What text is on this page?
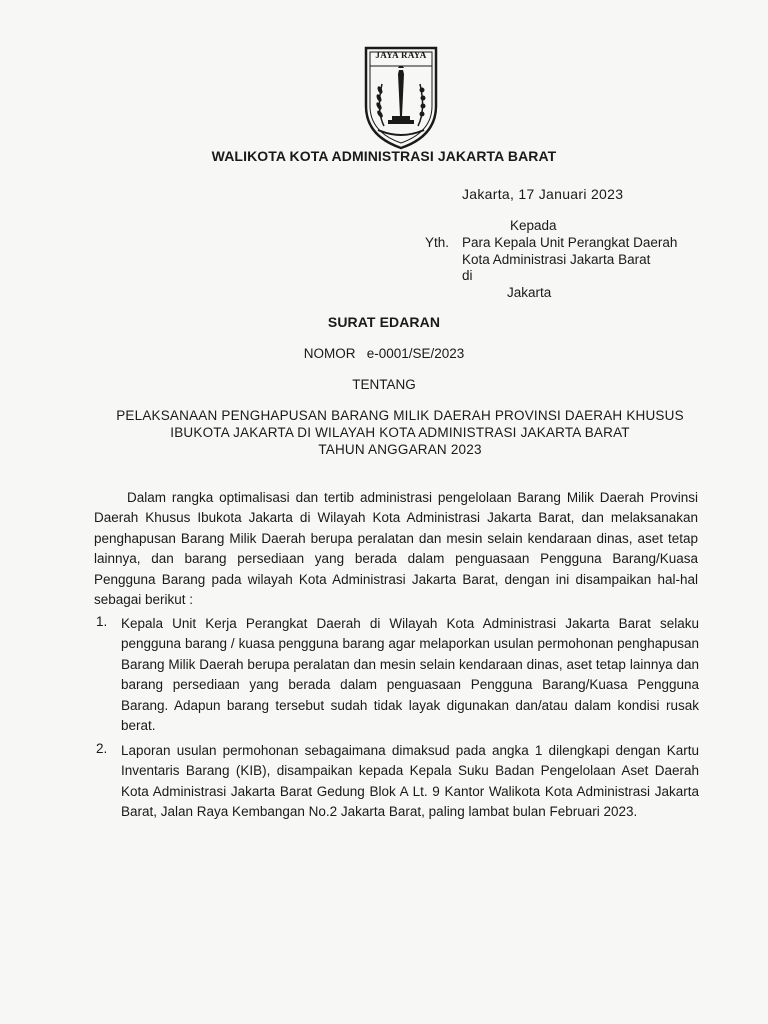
JAYA RAYA
WALIKOTA KOTA ADMINISTRASI JAKARTA BARAT
Jakarta, 17 Januari 2023
Kepada
Yth. Para Kepala Unit Perangkat Daerah
Kota Administrasi Jakarta Barat
di
Jakarta
SURAT EDARAN
NOMOR   e-0001/SE/2023
TENTANG
PELAKSANAAN PENGHAPUSAN BARANG MILIK DAERAH PROVINSI DAERAH KHUSUS
IBUKOTA JAKARTA DI WILAYAH KOTA ADMINISTRASI JAKARTA BARAT
TAHUN ANGGARAN 2023
Dalam rangka optimalisasi dan tertib administrasi pengelolaan Barang Milik Daerah Provinsi Daerah Khusus Ibukota Jakarta di Wilayah Kota Administrasi Jakarta Barat, dan melaksanakan penghapusan Barang Milik Daerah berupa peralatan dan mesin selain kendaraan dinas, aset tetap lainnya, dan barang persediaan yang berada dalam penguasaan Pengguna Barang/Kuasa Pengguna Barang pada wilayah Kota Administrasi Jakarta Barat, dengan ini disampaikan hal-hal sebagai berikut :
1. Kepala Unit Kerja Perangkat Daerah di Wilayah Kota Administrasi Jakarta Barat selaku pengguna barang / kuasa pengguna barang agar melaporkan usulan permohonan penghapusan Barang Milik Daerah berupa peralatan dan mesin selain kendaraan dinas, aset tetap lainnya dan barang persediaan yang berada dalam penguasaan Pengguna Barang/Kuasa Pengguna Barang. Adapun barang tersebut sudah tidak layak digunakan dan/atau dalam kondisi rusak berat.
2. Laporan usulan permohonan sebagaimana dimaksud pada angka 1 dilengkapi dengan Kartu Inventaris Barang (KIB), disampaikan kepada Kepala Suku Badan Pengelolaan Aset Daerah Kota Administrasi Jakarta Barat Gedung Blok A Lt. 9 Kantor Walikota Kota Administrasi Jakarta Barat, Jalan Raya Kembangan No.2 Jakarta Barat, paling lambat bulan Februari 2023.
